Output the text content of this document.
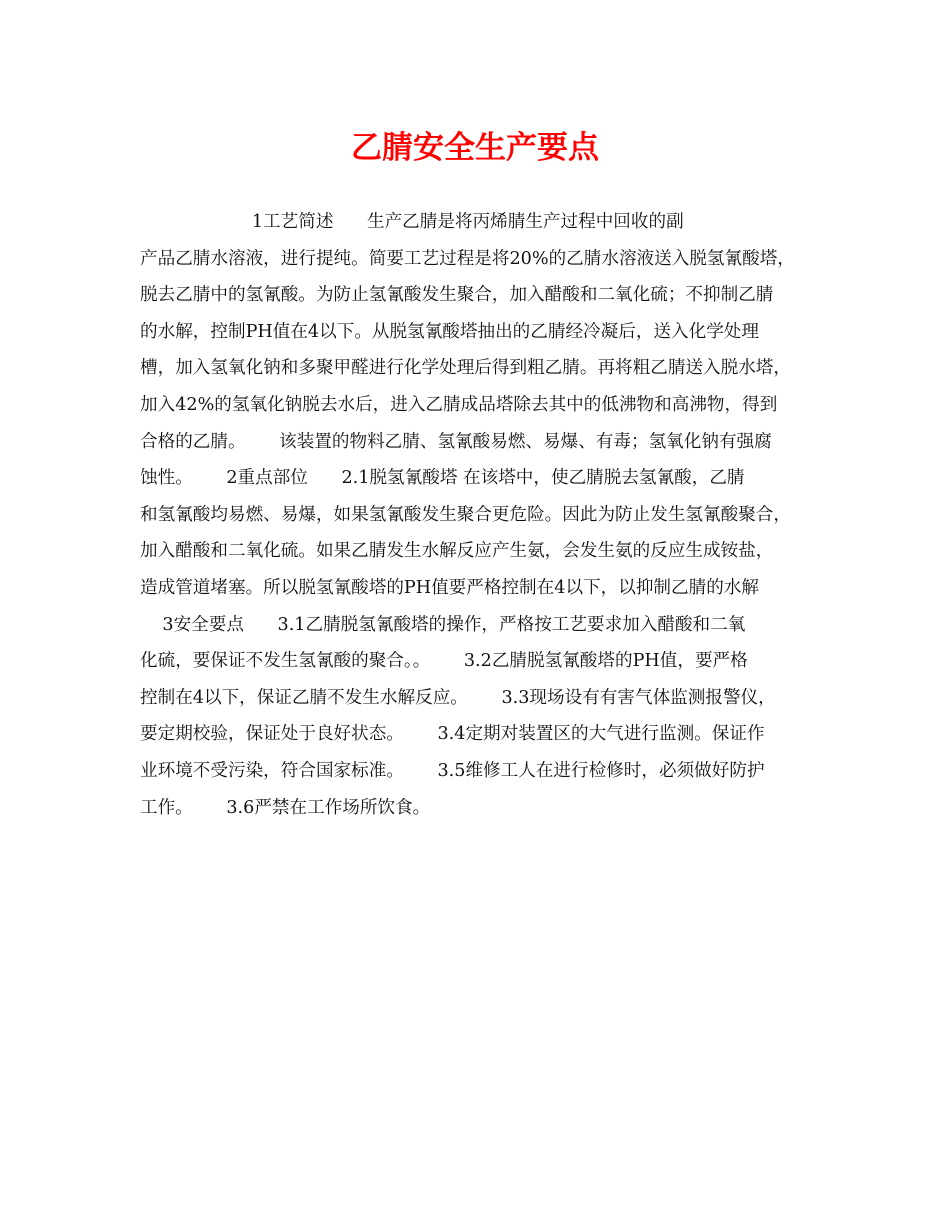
乙腈安全生产要点
1工艺简述      生产乙腈是将丙烯腈生产过程中回收的副
产品乙腈水溶液，进行提纯。简要工艺过程是将20%的乙腈水溶液送入脱氢氰酸塔，
脱去乙腈中的氢氰酸。为防止氢氰酸发生聚合，加入醋酸和二氧化硫；不抑制乙腈
的水解，控制PH值在4以下。从脱氢氰酸塔抽出的乙腈经冷凝后，送入化学处理
槽，加入氢氧化钠和多聚甲醛进行化学处理后得到粗乙腈。再将粗乙腈送入脱水塔，
加入42%的氢氧化钠脱去水后，进入乙腈成品塔除去其中的低沸物和高沸物，得到
合格的乙腈。      该装置的物料乙腈、氢氰酸易燃、易爆、有毒；氢氧化钠有强腐
蚀性。      2重点部位      2.1脱氢氰酸塔 在该塔中，使乙腈脱去氢氰酸，乙腈
和氢氰酸均易燃、易爆，如果氢氰酸发生聚合更危险。因此为防止发生氢氰酸聚合，
加入醋酸和二氧化硫。如果乙腈发生水解反应产生氨，会发生氨的反应生成铵盐，
造成管道堵塞。所以脱氢氰酸塔的PH值要严格控制在4以下，以抑制乙腈的水解
3安全要点      3.1乙腈脱氢氰酸塔的操作，严格按工艺要求加入醋酸和二氧
化硫，要保证不发生氢氰酸的聚合。。      3.2乙腈脱氢氰酸塔的PH值，要严格
控制在4以下，保证乙腈不发生水解反应。      3.3现场设有有害气体监测报警仪，
要定期校验，保证处于良好状态。      3.4定期对装置区的大气进行监测。保证作
业环境不受污染，符合国家标准。      3.5维修工人在进行检修时，必须做好防护
工作。      3.6严禁在工作场所饮食。
